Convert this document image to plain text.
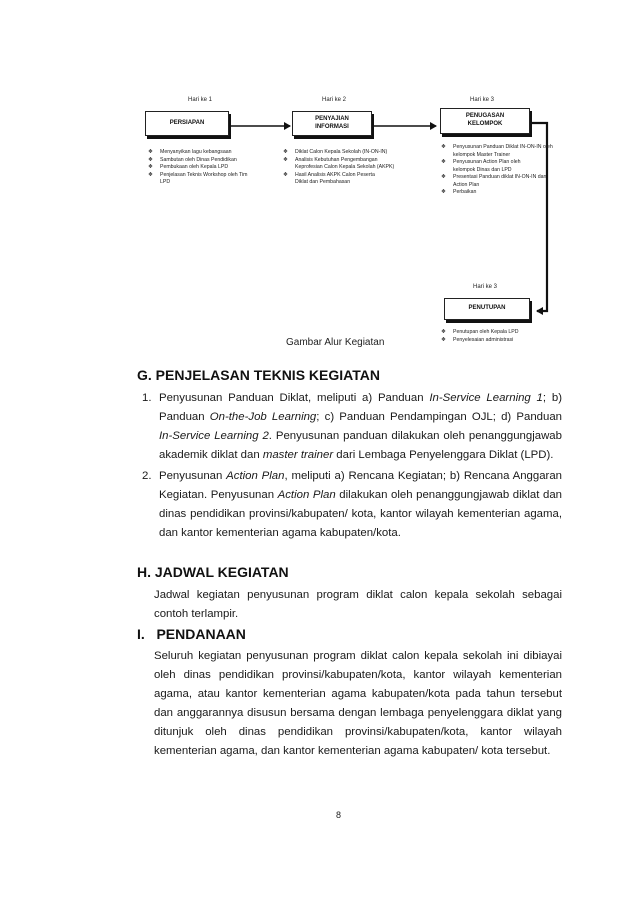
Hari ke 1	Hari ke 2	Hari ke 3
Hari ke 3
PERSIAPAN
PENYAJIAN
INFORMASI
PENUGASAN
KELOMPOK
PENUTUPAN
❖ Menyanyikan lagu kebangsaan
❖ Sambutan oleh Dinas Pendidikan
❖ Pembukaan oleh Kepala LPD
❖ Penjelasan Teknis Workshop oleh Tim LPD
❖ Diklat Calon Kepala Sekolah (IN-ON-IN)
❖ Analisis Kebutuhan Pengembangan Keprofesian Calon Kepala Sekolah (AKPK)
❖ Hasil Analisis AKPK Calon Peserta Diklat dan Pembahasan
❖ Penyusunan Panduan Diklat IN-ON-IN oleh kelompok Master Trainer
❖ Penyusunan Action Plan oleh kelompok Dinas dan LPD
❖ Presentasi Panduan diklat IN-ON-IN dan Action Plan
❖ Perbaikan
❖ Penutupan oleh Kepala LPD
❖ Penyelesaian administrasi
Gambar Alur Kegiatan
G. PENJELASAN TEKNIS KEGIATAN
1. Penyusunan Panduan Diklat, meliputi a) Panduan In-Service Learning 1; b) Panduan On-the-Job Learning; c) Panduan Pendampingan OJL; d) Panduan In-Service Learning 2. Penyusunan panduan dilakukan oleh penanggungjawab akademik diklat dan master trainer dari Lembaga Penyelenggara Diklat (LPD).
2. Penyusunan Action Plan, meliputi a) Rencana Kegiatan; b) Rencana Anggaran Kegiatan. Penyusunan Action Plan dilakukan oleh penanggungjawab diklat dan dinas pendidikan provinsi/kabupaten/ kota, kantor wilayah kementerian agama, dan kantor kementerian agama kabupaten/kota.
H. JADWAL KEGIATAN

Jadwal kegiatan penyusunan program diklat calon kepala sekolah sebagai contoh terlampir.

I.   PENDANAAN

Seluruh kegiatan penyusunan program diklat calon kepala sekolah ini dibiayai oleh dinas pendidikan provinsi/kabupaten/kota, kantor wilayah kementerian agama, atau kantor kementerian agama kabupaten/kota pada tahun tersebut dan anggarannya disusun bersama dengan lembaga penyelenggara diklat yang ditunjuk oleh dinas pendidikan provinsi/kabupaten/kota, kantor wilayah kementerian agama, dan kantor kementerian agama kabupaten/ kota tersebut.

8
